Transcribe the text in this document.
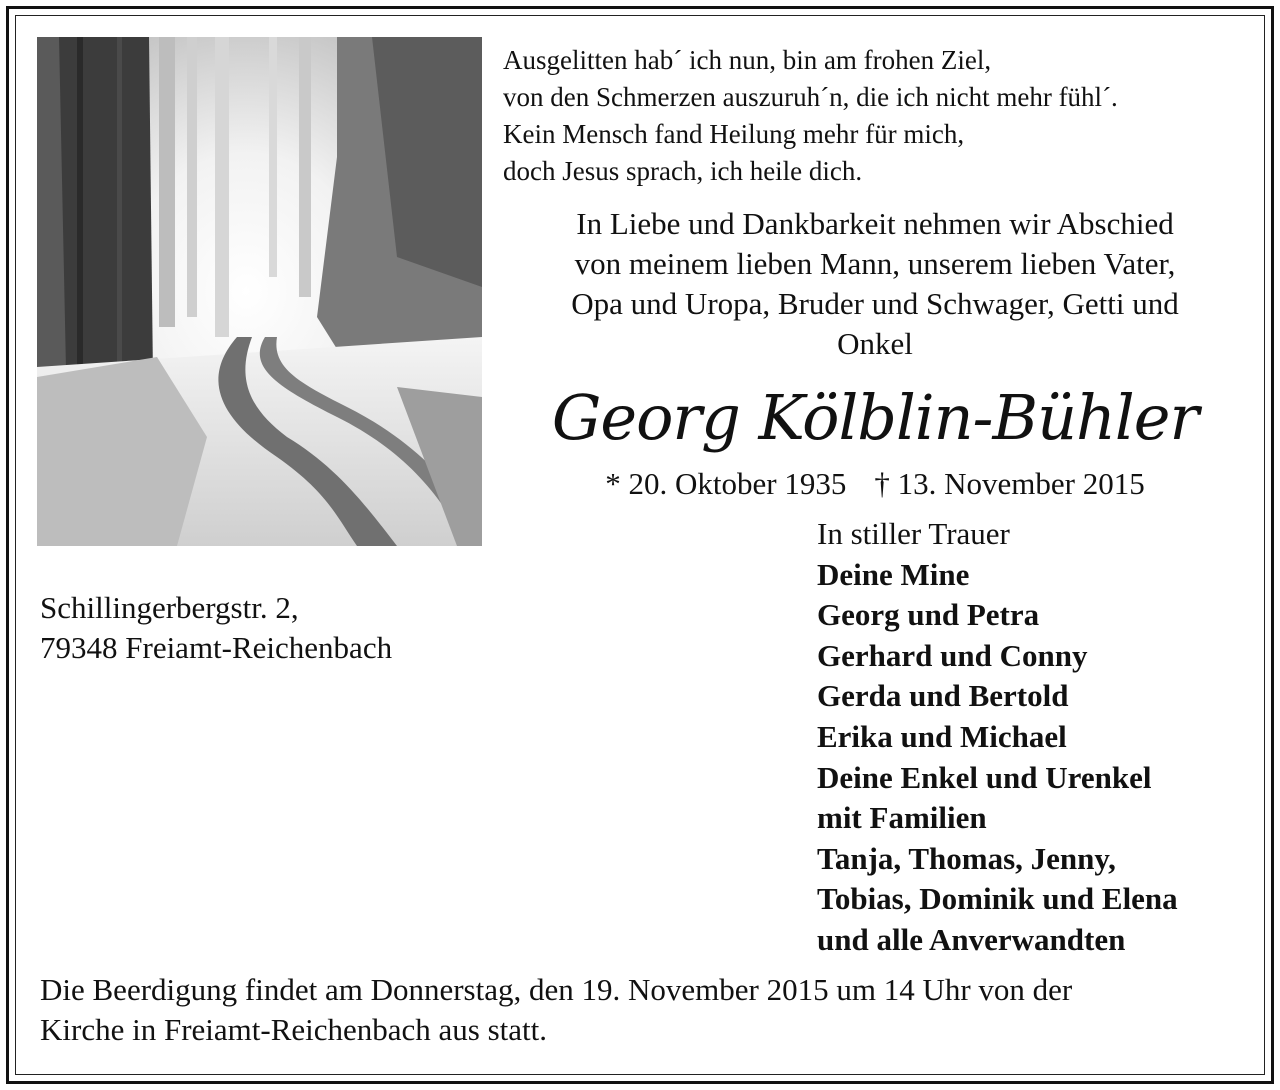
Ausgelitten hab´ ich nun, bin am frohen Ziel,
von den Schmerzen auszuruh´n, die ich nicht mehr fühl´.
Kein Mensch fand Heilung mehr für mich,
doch Jesus sprach, ich heile dich.
In Liebe und Dankbarkeit nehmen wir Abschied
von meinem lieben Mann, unserem lieben Vater,
Opa und Uropa, Bruder und Schwager, Getti und
Onkel
Georg Kölblin-Bühler
* 20. Oktober 1935 † 13. November 2015
In stiller Trauer
Deine Mine
Georg und Petra
Gerhard und Conny
Gerda und Bertold
Erika und Michael
Deine Enkel und Urenkel
mit Familien
Tanja, Thomas, Jenny,
Tobias, Dominik und Elena
und alle Anverwandten
Schillingerbergstr. 2,
79348 Freiamt-Reichenbach
Die Beerdigung findet am Donnerstag, den 19. November 2015 um 14 Uhr von der
Kirche in Freiamt-Reichenbach aus statt.
